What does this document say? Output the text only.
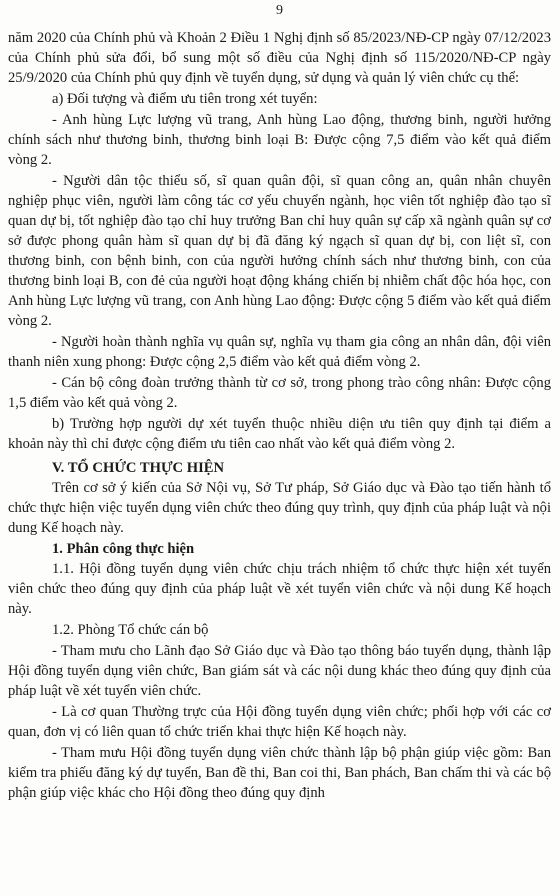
9

năm 2020 của Chính phủ và Khoản 2 Điều 1 Nghị định số 85/2023/NĐ-CP ngày 07/12/2023 của Chính phủ sửa đổi, bổ sung một số điều của Nghị định số 115/2020/NĐ-CP ngày 25/9/2020 của Chính phủ quy định về tuyển dụng, sử dụng và quản lý viên chức cụ thể:

a) Đối tượng và điểm ưu tiên trong xét tuyển:

- Anh hùng Lực lượng vũ trang, Anh hùng Lao động, thương binh, người hưởng chính sách như thương binh, thương binh loại B: Được cộng 7,5 điểm vào kết quả điểm vòng 2.

- Người dân tộc thiểu số, sĩ quan quân đội, sĩ quan công an, quân nhân chuyên nghiệp phục viên, người làm công tác cơ yếu chuyển ngành, học viên tốt nghiệp đào tạo sĩ quan dự bị, tốt nghiệp đào tạo chỉ huy trưởng Ban chỉ huy quân sự cấp xã ngành quân sự cơ sở được phong quân hàm sĩ quan dự bị đã đăng ký ngạch sĩ quan dự bị, con liệt sĩ, con thương binh, con bệnh binh, con của người hưởng chính sách như thương binh, con của thương binh loại B, con đẻ của người hoạt động kháng chiến bị nhiễm chất độc hóa học, con Anh hùng Lực lượng vũ trang, con Anh hùng Lao động: Được cộng 5 điểm vào kết quả điểm vòng 2.

- Người hoàn thành nghĩa vụ quân sự, nghĩa vụ tham gia công an nhân dân, đội viên thanh niên xung phong: Được cộng 2,5 điểm vào kết quả điểm vòng 2.

- Cán bộ công đoàn trưởng thành từ cơ sở, trong phong trào công nhân: Được cộng 1,5 điểm vào kết quả vòng 2.

b) Trường hợp người dự xét tuyển thuộc nhiều diện ưu tiên quy định tại điểm a khoản này thì chỉ được cộng điểm ưu tiên cao nhất vào kết quả điểm vòng 2.

V. TỔ CHỨC THỰC HIỆN

Trên cơ sở ý kiến của Sở Nội vụ, Sở Tư pháp, Sở Giáo dục và Đào tạo tiến hành tổ chức thực hiện việc tuyển dụng viên chức theo đúng quy trình, quy định của pháp luật và nội dung Kế hoạch này.

1. Phân công thực hiện

1.1. Hội đồng tuyển dụng viên chức chịu trách nhiệm tổ chức thực hiện xét tuyển viên chức theo đúng quy định của pháp luật về xét tuyển viên chức và nội dung Kế hoạch này.

1.2. Phòng Tổ chức cán bộ

- Tham mưu cho Lãnh đạo Sở Giáo dục và Đào tạo thông báo tuyển dụng, thành lập Hội đồng tuyển dụng viên chức, Ban giám sát và các nội dung khác theo đúng quy định của pháp luật về xét tuyển viên chức.

- Là cơ quan Thường trực của Hội đồng tuyển dụng viên chức; phối hợp với các cơ quan, đơn vị có liên quan tổ chức triển khai thực hiện Kế hoạch này.

- Tham mưu Hội đồng tuyển dụng viên chức thành lập bộ phận giúp việc gồm: Ban kiểm tra phiếu đăng ký dự tuyển, Ban đề thi, Ban coi thi, Ban phách, Ban chấm thi và các bộ phận giúp việc khác cho Hội đồng theo đúng quy định
